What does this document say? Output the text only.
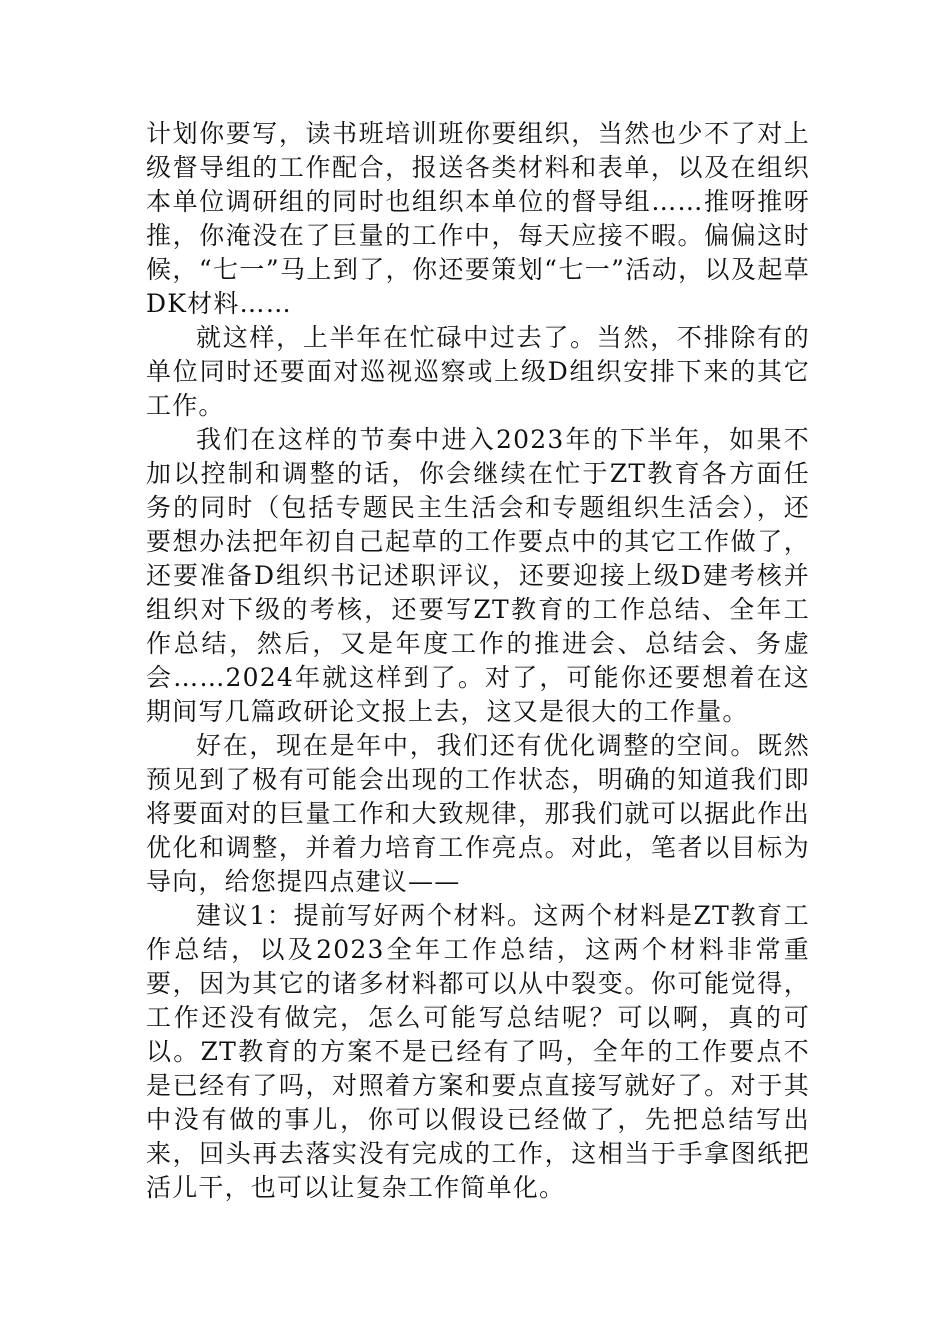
计划你要写，读书班培训班你要组织，当然也少不了对上级督导组的工作配合，报送各类材料和表单，以及在组织本单位调研组的同时也组织本单位的督导组……推呀推呀推，你淹没在了巨量的工作中，每天应接不暇。偏偏这时候，“七一”马上到了，你还要策划“七一”活动，以及起草DK材料……

就这样，上半年在忙碌中过去了。当然，不排除有的单位同时还要面对巡视巡察或上级D组织安排下来的其它工作。

我们在这样的节奏中进入2023年的下半年，如果不加以控制和调整的话，你会继续在忙于ZT教育各方面任务的同时（包括专题民主生活会和专题组织生活会），还要想办法把年初自己起草的工作要点中的其它工作做了，还要准备D组织书记述职评议，还要迎接上级D建考核并组织对下级的考核，还要写ZT教育的工作总结、全年工作总结，然后，又是年度工作的推进会、总结会、务虚会……2024年就这样到了。对了，可能你还要想着在这期间写几篇政研论文报上去，这又是很大的工作量。

好在，现在是年中，我们还有优化调整的空间。既然预见到了极有可能会出现的工作状态，明确的知道我们即将要面对的巨量工作和大致规律，那我们就可以据此作出优化和调整，并着力培育工作亮点。对此，笔者以目标为导向，给您提四点建议——

建议1：提前写好两个材料。这两个材料是ZT教育工作总结，以及2023全年工作总结，这两个材料非常重要，因为其它的诸多材料都可以从中裂变。你可能觉得，工作还没有做完，怎么可能写总结呢？可以啊，真的可以。ZT教育的方案不是已经有了吗，全年的工作要点不是已经有了吗，对照着方案和要点直接写就好了。对于其中没有做的事儿，你可以假设已经做了，先把总结写出来，回头再去落实没有完成的工作，这相当于手拿图纸把活儿干，也可以让复杂工作简单化。
